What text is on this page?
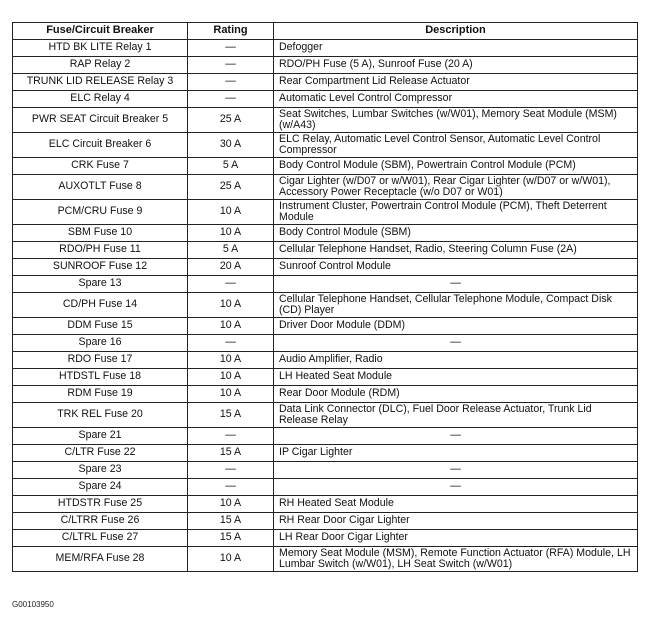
Fuse/Circuit Breaker	Rating	Description
HTD BK LITE Relay 1	—	Defogger
RAP Relay 2	—	RDO/PH Fuse (5 A), Sunroof Fuse (20 A)
TRUNK LID RELEASE Relay 3	—	Rear Compartment Lid Release Actuator
ELC Relay 4	—	Automatic Level Control Compressor
PWR SEAT Circuit Breaker 5	25 A	Seat Switches, Lumbar Switches (w/W01), Memory Seat Module (MSM) (w/A43)
ELC Circuit Breaker 6	30 A	ELC Relay, Automatic Level Control Sensor, Automatic Level Control Compressor
CRK Fuse 7	5 A	Body Control Module (SBM), Powertrain Control Module (PCM)
AUXOTLT Fuse 8	25 A	Cigar Lighter (w/D07 or w/W01), Rear Cigar Lighter (w/D07 or w/W01), Accessory Power Receptacle (w/o D07 or W01)
PCM/CRU Fuse 9	10 A	Instrument Cluster, Powertrain Control Module (PCM), Theft Deterrent Module
SBM Fuse 10	10 A	Body Control Module (SBM)
RDO/PH Fuse 11	5 A	Cellular Telephone Handset, Radio, Steering Column Fuse (2A)
SUNROOF Fuse 12	20 A	Sunroof Control Module
Spare 13	—	—
CD/PH Fuse 14	10 A	Cellular Telephone Handset, Cellular Telephone Module, Compact Disk (CD) Player
DDM Fuse 15	10 A	Driver Door Module (DDM)
Spare 16	—	—
RDO Fuse 17	10 A	Audio Amplifier, Radio
HTDSTL Fuse 18	10 A	LH Heated Seat Module
RDM Fuse 19	10 A	Rear Door Module (RDM)
TRK REL Fuse 20	15 A	Data Link Connector (DLC), Fuel Door Release Actuator, Trunk Lid Release Relay
Spare 21	—	—
C/LTR Fuse 22	15 A	IP Cigar Lighter
Spare 23	—	—
Spare 24	—	—
HTDSTR Fuse 25	10 A	RH Heated Seat Module
C/LTRR Fuse 26	15 A	RH Rear Door Cigar Lighter
C/LTRL Fuse 27	15 A	LH Rear Door Cigar Lighter
MEM/RFA Fuse 28	10 A	Memory Seat Module (MSM), Remote Function Actuator (RFA) Module, LH Lumbar Switch (w/W01), LH Seat Switch (w/W01)
G00103950
